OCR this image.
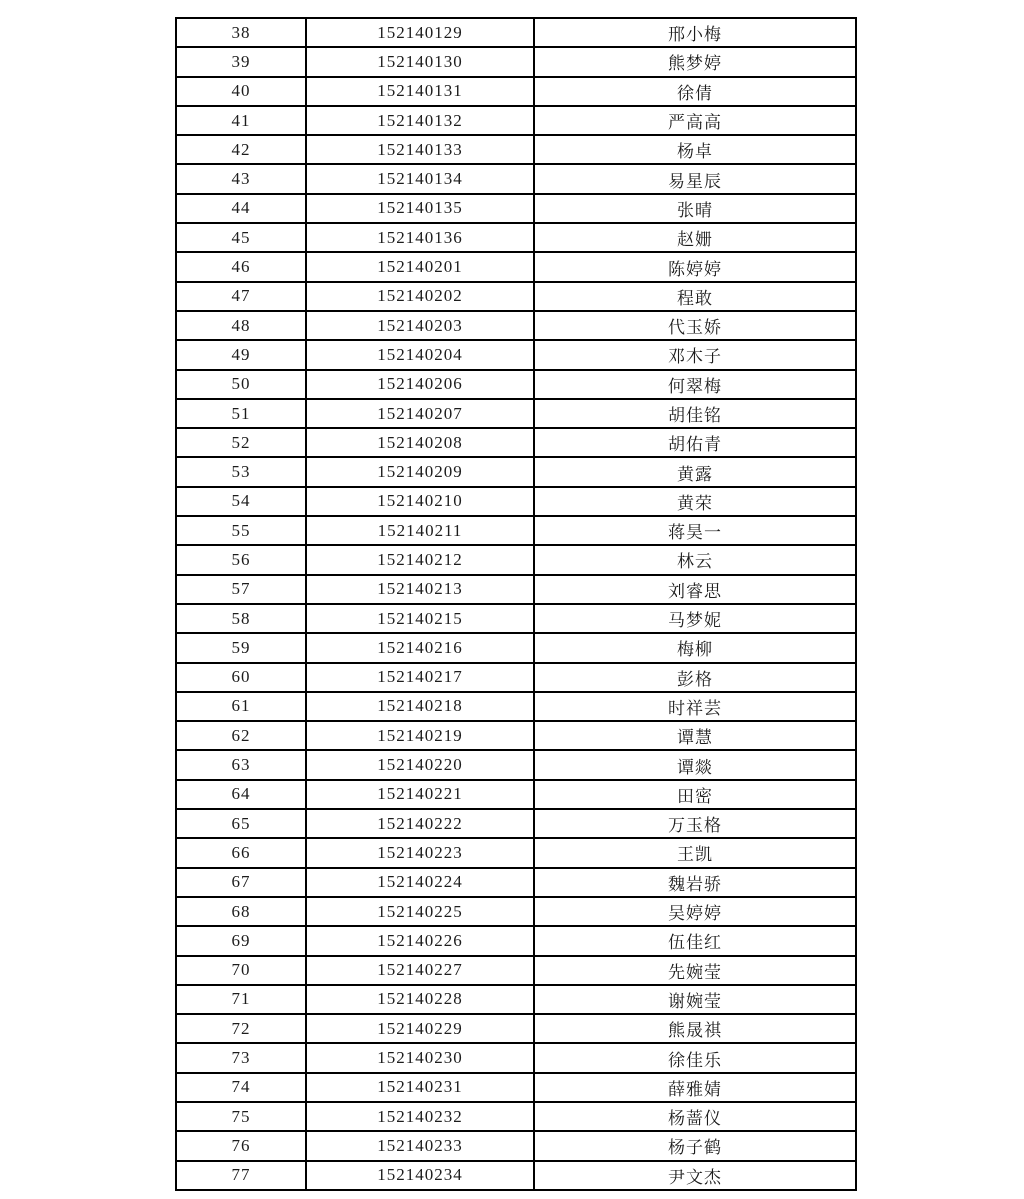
38	152140129	邢小梅
39	152140130	熊梦婷
40	152140131	徐倩
41	152140132	严高高
42	152140133	杨卓
43	152140134	易星辰
44	152140135	张晴
45	152140136	赵姗
46	152140201	陈婷婷
47	152140202	程敢
48	152140203	代玉娇
49	152140204	邓木子
50	152140206	何翠梅
51	152140207	胡佳铭
52	152140208	胡佑青
53	152140209	黄露
54	152140210	黄荣
55	152140211	蒋昊一
56	152140212	林云
57	152140213	刘睿思
58	152140215	马梦妮
59	152140216	梅柳
60	152140217	彭格
61	152140218	时祥芸
62	152140219	谭慧
63	152140220	谭燚
64	152140221	田密
65	152140222	万玉格
66	152140223	王凯
67	152140224	魏岩骄
68	152140225	吴婷婷
69	152140226	伍佳红
70	152140227	先婉莹
71	152140228	谢婉莹
72	152140229	熊晟祺
73	152140230	徐佳乐
74	152140231	薛雅婧
75	152140232	杨蔷仪
76	152140233	杨子鹤
77	152140234	尹文杰
